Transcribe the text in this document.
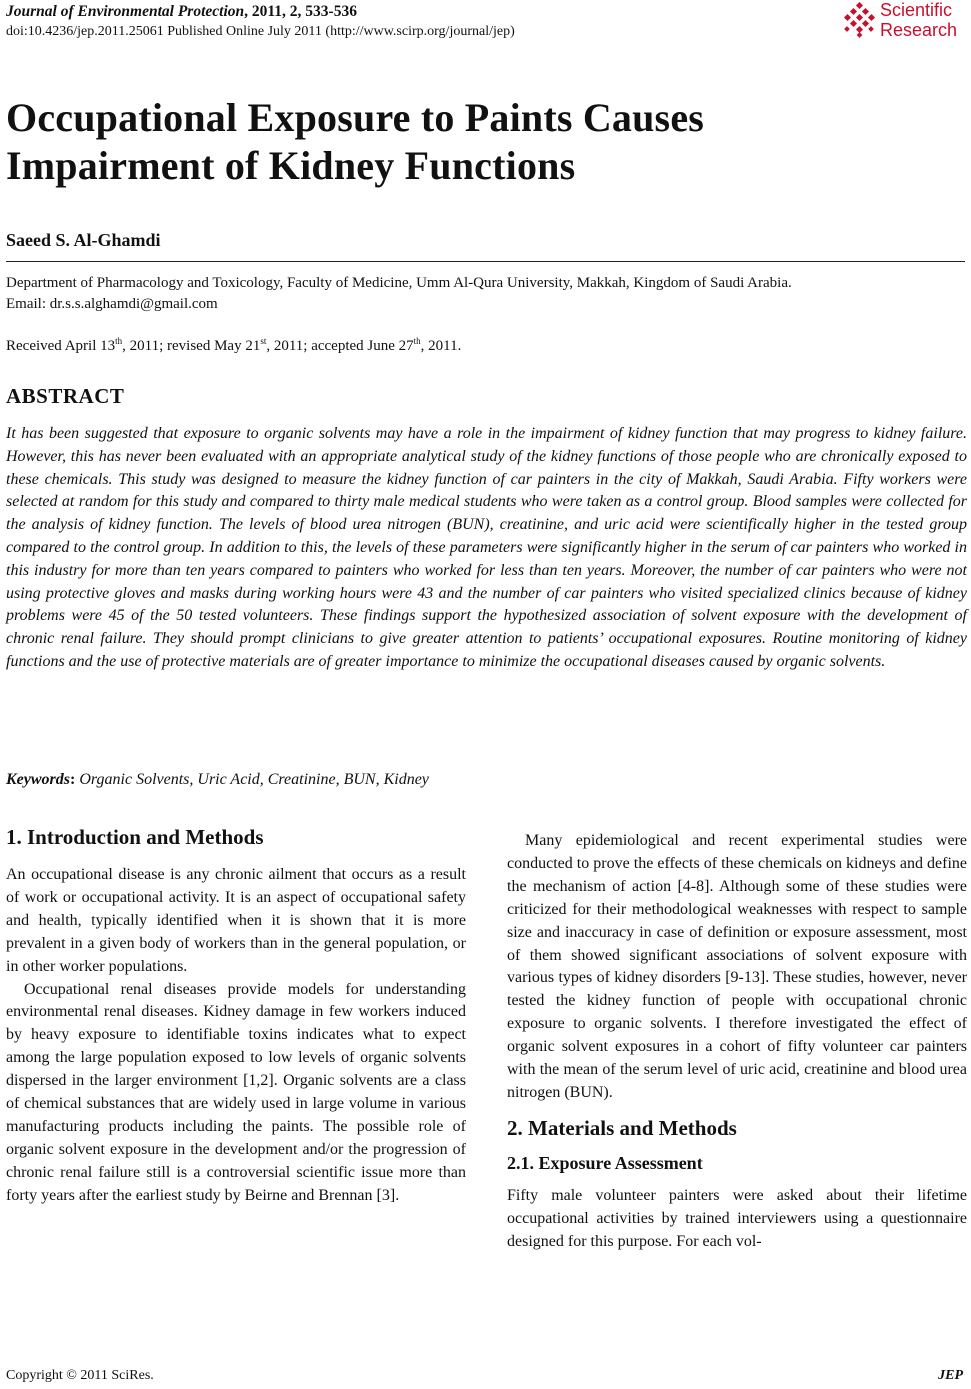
Journal of Environmental Protection, 2011, 2, 533-536
doi:10.4236/jep.2011.25061 Published Online July 2011 (http://www.scirp.org/journal/jep)
Scientific
Research
Occupational Exposure to Paints Causes
Impairment of Kidney Functions

Saeed S. Al-Ghamdi

Department of Pharmacology and Toxicology, Faculty of Medicine, Umm Al-Qura University, Makkah, Kingdom of Saudi Arabia.
Email: dr.s.s.alghamdi@gmail.com
Received April 13th, 2011; revised May 21st, 2011; accepted June 27th, 2011.
ABSTRACT

It has been suggested that exposure to organic solvents may have a role in the impairment of kidney function that may progress to kidney failure. However, this has never been evaluated with an appropriate analytical study of the kidney functions of those people who are chronically exposed to these chemicals. This study was designed to measure the kidney function of car painters in the city of Makkah, Saudi Arabia. Fifty workers were selected at random for this study and compared to thirty male medical students who were taken as a control group. Blood samples were collected for the analysis of kidney function. The levels of blood urea nitrogen (BUN), creatinine, and uric acid were scientifically higher in the tested group compared to the control group. In addition to this, the levels of these parameters were significantly higher in the serum of car painters who worked in this industry for more than ten years compared to painters who worked for less than ten years. Moreover, the number of car painters who were not using protective gloves and masks during working hours were 43 and the number of car painters who visited specialized clinics because of kidney problems were 45 of the 50 tested volunteers. These findings support the hypothesized association of solvent exposure with the development of chronic renal failure. They should prompt clinicians to give greater attention to patients’ occupational exposures. Routine monitoring of kidney functions and the use of protective materials are of greater importance to minimize the occupational diseases caused by organic solvents.

Keywords: Organic Solvents, Uric Acid, Creatinine, BUN, Kidney
1. Introduction and Methods

An occupational disease is any chronic ailment that occurs as a result of work or occupational activity. It is an aspect of occupational safety and health, typically identified when it is shown that it is more prevalent in a given body of workers than in the general population, or in other worker populations.

Occupational renal diseases provide models for understanding environmental renal diseases. Kidney damage in few workers induced by heavy exposure to identifiable toxins indicates what to expect among the large population exposed to low levels of organic solvents dispersed in the larger environment [1,2]. Organic solvents are a class of chemical substances that are widely used in large volume in various manufacturing products including the paints. The possible role of organic solvent exposure in the development and/or the progression of chronic renal failure still is a controversial scientific issue more than forty years after the earliest study by Beirne and Brennan [3].

Many epidemiological and recent experimental studies were conducted to prove the effects of these chemicals on kidneys and define the mechanism of action [4-8]. Although some of these studies were criticized for their methodological weaknesses with respect to sample size and inaccuracy in case of definition or exposure assessment, most of them showed significant associations of solvent exposure with various types of kidney disorders [9-13]. These studies, however, never tested the kidney function of people with occupational chronic exposure to organic solvents. I therefore investigated the effect of organic solvent exposures in a cohort of fifty volunteer car painters with the mean of the serum level of uric acid, creatinine and blood urea nitrogen (BUN).

2. Materials and Methods
2.1. Exposure Assessment

Fifty male volunteer painters were asked about their lifetime occupational activities by trained interviewers using a questionnaire designed for this purpose. For each vol-

Copyright © 2011 SciRes.	JEP
